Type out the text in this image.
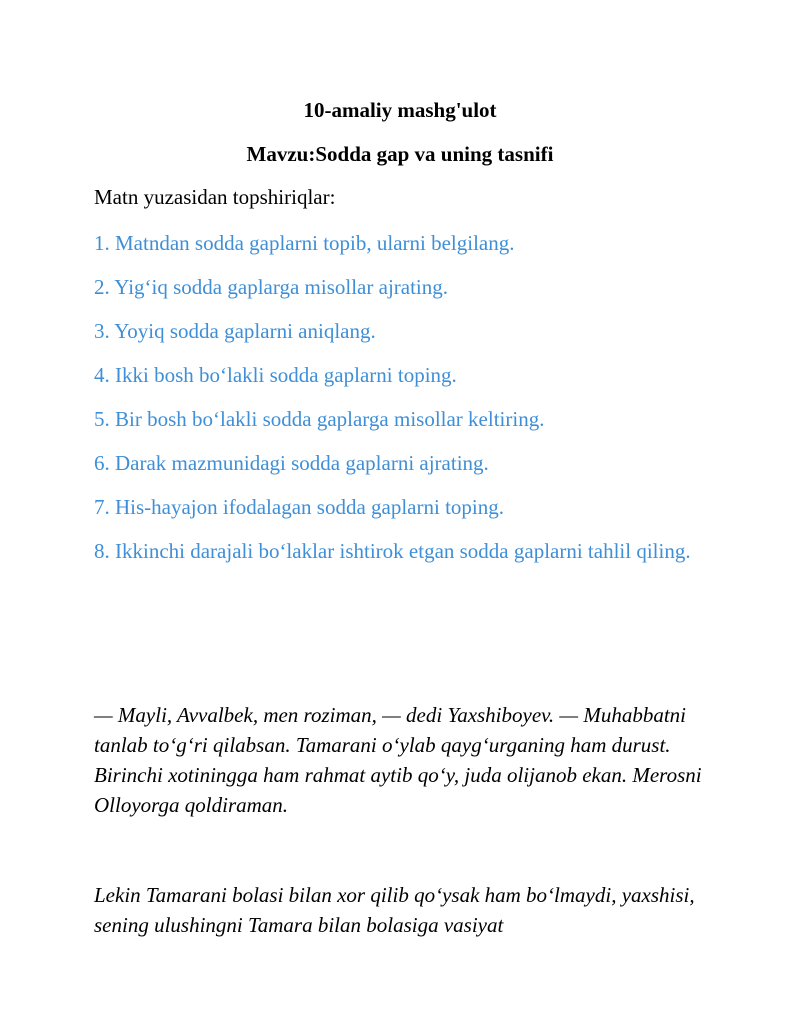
10-amaliy mashg'ulot
Mavzu:Sodda gap va uning tasnifi
Matn yuzasidan topshiriqlar:
1. Matndan sodda gaplarni topib, ularni belgilang.
2. Yig‘iq sodda gaplarga misollar ajrating.
3. Yoyiq sodda gaplarni aniqlang.
4. Ikki bosh bo‘lakli sodda gaplarni toping.
5. Bir bosh bo‘lakli sodda gaplarga misollar keltiring.
6. Darak mazmunidagi sodda gaplarni ajrating.
7. His-hayajon ifodalagan sodda gaplarni toping.
8. Ikkinchi darajali bo‘laklar ishtirok etgan sodda gaplarni tahlil qiling.

— Mayli, Avvalbek, men roziman, — dedi Yaxshiboyev. — Muhabbatni tanlab to‘g‘ri qilabsan. Tamarani o‘ylab qayg‘urganing ham durust. Birinchi xotiningga ham rahmat aytib qo‘y, juda olijanob ekan. Merosni Olloyorga qoldiraman.

Lekin Tamarani bolasi bilan xor qilib qo‘ysak ham bo‘lmaydi, yaxshisi, sening ulushingni Tamara bilan bolasiga vasiyat
